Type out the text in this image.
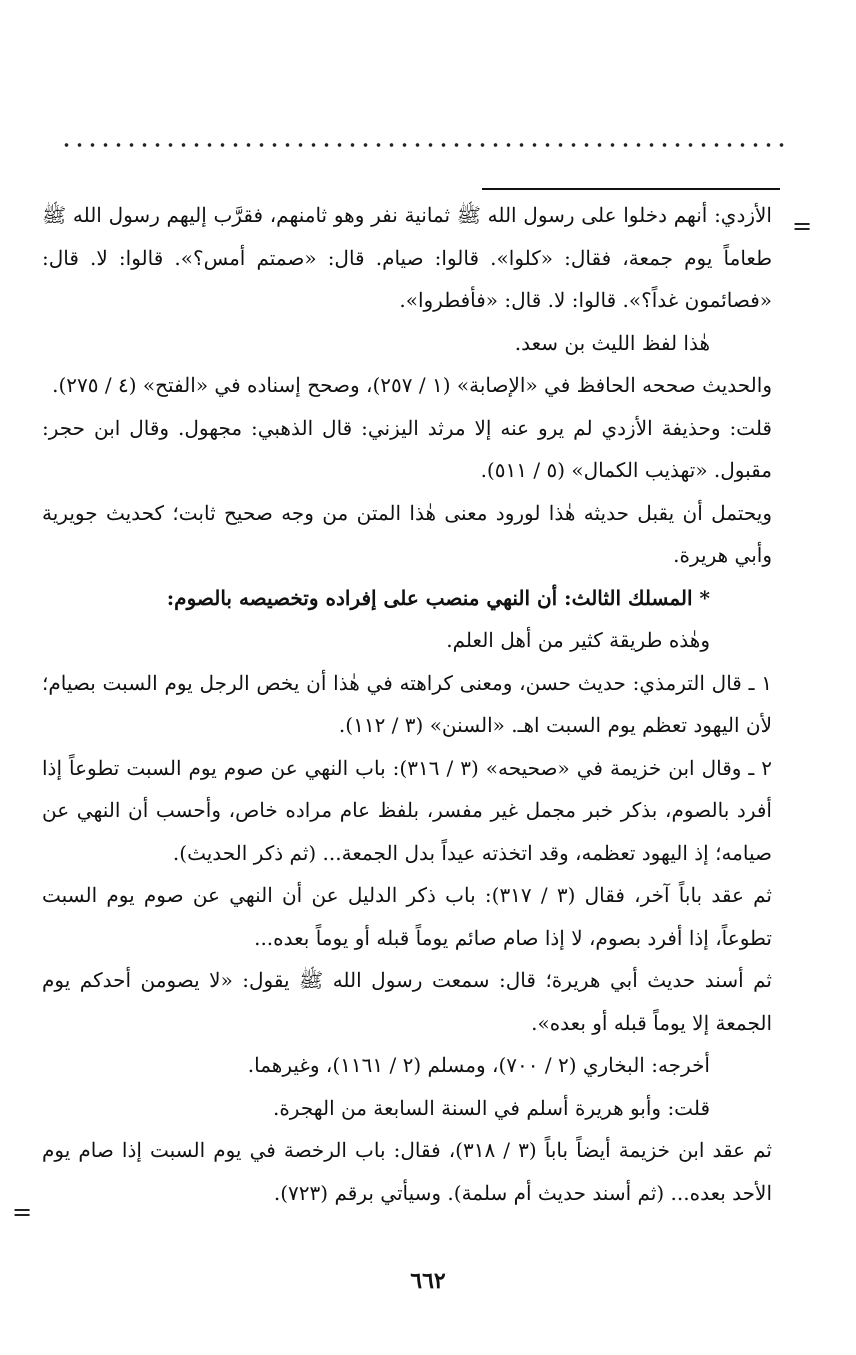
=

الأزدي: أنهم دخلوا على رسول الله ﷺ ثمانية نفر وهو ثامنهم، فقرَّب إليهم رسول الله ﷺ طعاماً يوم جمعة، فقال: «كلوا». قالوا: صيام. قال: «صمتم أمس؟». قالوا: لا. قال: «فصائمون غداً؟». قالوا: لا. قال: «فأفطروا».

هٰذا لفظ الليث بن سعد.

والحديث صححه الحافظ في «الإصابة» (١ / ٢٥٧)، وصحح إسناده في «الفتح» (٤ / ٢٧٥).

قلت: وحذيفة الأزدي لم يرو عنه إلا مرثد اليزني: قال الذهبي: مجهول. وقال ابن حجر: مقبول. «تهذيب الكمال» (٥ / ٥١١).

ويحتمل أن يقبل حديثه هٰذا لورود معنى هٰذا المتن من وجه صحيح ثابت؛ كحديث جويرية وأبي هريرة.

* المسلك الثالث: أن النهي منصب على إفراده وتخصيصه بالصوم:

وهٰذه طريقة كثير من أهل العلم.

١ ـ قال الترمذي: حديث حسن، ومعنى كراهته في هٰذا أن يخص الرجل يوم السبت بصيام؛ لأن اليهود تعظم يوم السبت اهـ. «السنن» (٣ / ١١٢).

٢ ـ وقال ابن خزيمة في «صحيحه» (٣ / ٣١٦): باب النهي عن صوم يوم السبت تطوعاً إذا أفرد بالصوم، بذكر خبر مجمل غير مفسر، بلفظ عام مراده خاص، وأحسب أن النهي عن صيامه؛ إذ اليهود تعظمه، وقد اتخذته عيداً بدل الجمعة... (ثم ذكر الحديث).

ثم عقد باباً آخر، فقال (٣ / ٣١٧): باب ذكر الدليل عن أن النهي عن صوم يوم السبت تطوعاً، إذا أفرد بصوم، لا إذا صام صائم يوماً قبله أو يوماً بعده...

ثم أسند حديث أبي هريرة؛ قال: سمعت رسول الله ﷺ يقول: «لا يصومن أحدكم يوم الجمعة إلا يوماً قبله أو بعده».

أخرجه: البخاري (٢ / ٧٠٠)، ومسلم (٢ / ١١٦١)، وغيرهما.

قلت: وأبو هريرة أسلم في السنة السابعة من الهجرة.

ثم عقد ابن خزيمة أيضاً باباً (٣ / ٣١٨)، فقال: باب الرخصة في يوم السبت إذا صام يوم الأحد بعده... (ثم أسند حديث أم سلمة). وسيأتي برقم (٧٢٣).

=
٦٦٢
